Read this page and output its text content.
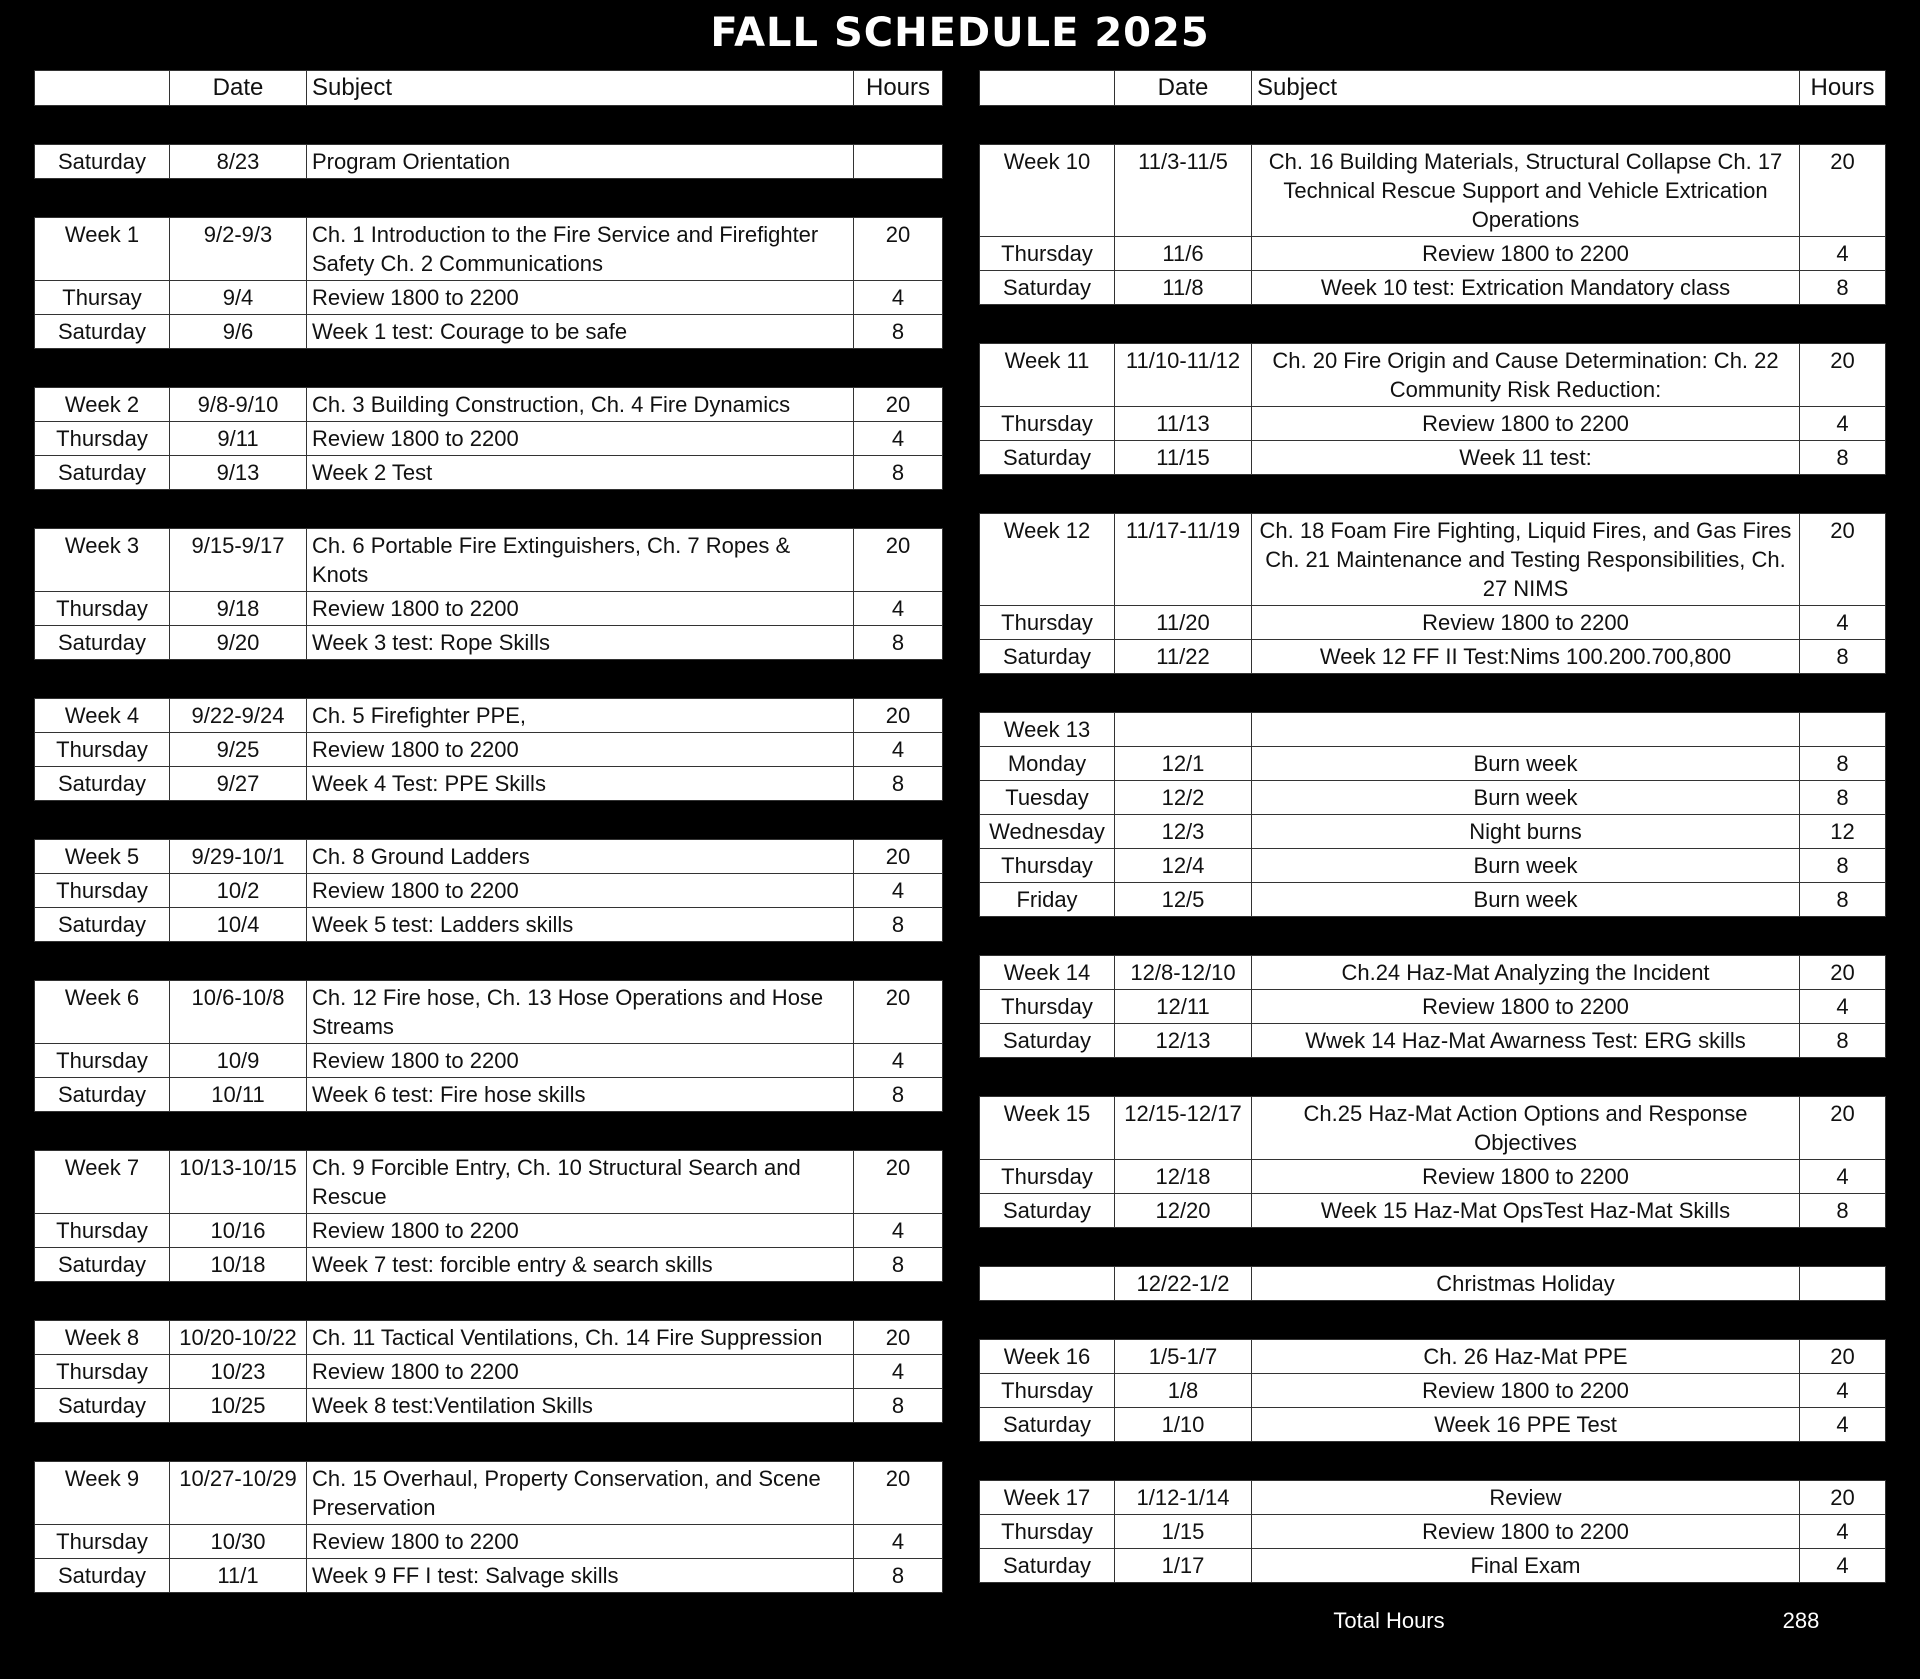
FALL SCHEDULE 2025
	Date	Subject	Hours
Saturday	8/23	Program Orientation	
Week 1	9/2-9/3	Ch. 1 Introduction to the Fire Service and Firefighter Safety Ch. 2 Communications	20
Thursay	9/4	Review 1800 to 2200	4
Saturday	9/6	Week 1 test: Courage to be safe	8
Week 2	9/8-9/10	Ch. 3 Building Construction, Ch. 4 Fire Dynamics	20
Thursday	9/11	Review 1800 to 2200	4
Saturday	9/13	Week 2 Test	8
Week 3	9/15-9/17	Ch. 6 Portable Fire Extinguishers, Ch. 7 Ropes & Knots	20
Thursday	9/18	Review 1800 to 2200	4
Saturday	9/20	Week 3 test: Rope Skills	8
Week 4	9/22-9/24	Ch. 5 Firefighter PPE,	20
Thursday	9/25	Review 1800 to 2200	4
Saturday	9/27	Week 4 Test: PPE Skills	8
Week 5	9/29-10/1	Ch. 8 Ground Ladders	20
Thursday	10/2	Review 1800 to 2200	4
Saturday	10/4	Week 5 test: Ladders skills	8
Week 6	10/6-10/8	Ch. 12 Fire hose, Ch. 13 Hose Operations and Hose Streams	20
Thursday	10/9	Review 1800 to 2200	4
Saturday	10/11	Week 6 test: Fire hose skills	8
Week 7	10/13-10/15	Ch. 9 Forcible Entry, Ch. 10 Structural Search and Rescue	20
Thursday	10/16	Review 1800 to 2200	4
Saturday	10/18	Week 7 test: forcible entry & search skills	8
Week 8	10/20-10/22	Ch. 11 Tactical Ventilations, Ch. 14 Fire Suppression	20
Thursday	10/23	Review 1800 to 2200	4
Saturday	10/25	Week 8 test:Ventilation Skills	8
Week 9	10/27-10/29	Ch. 15 Overhaul, Property Conservation, and Scene Preservation	20
Thursday	10/30	Review 1800 to 2200	4
Saturday	11/1	Week 9 FF I test: Salvage skills	8
	Date	Subject	Hours
Week 10	11/3-11/5	Ch. 16 Building Materials, Structural Collapse Ch. 17 Technical Rescue Support and Vehicle Extrication Operations	20
Thursday	11/6	Review 1800 to 2200	4
Saturday	11/8	Week 10 test: Extrication Mandatory class	8
Week 11	11/10-11/12	Ch. 20 Fire Origin and Cause Determination: Ch. 22 Community Risk Reduction:	20
Thursday	11/13	Review 1800 to 2200	4
Saturday	11/15	Week 11 test:	8
Week 12	11/17-11/19	Ch. 18 Foam Fire Fighting, Liquid Fires, and Gas Fires Ch. 21 Maintenance and Testing Responsibilities, Ch. 27 NIMS	20
Thursday	11/20	Review 1800 to 2200	4
Saturday	11/22	Week 12 FF II Test:Nims 100.200.700,800	8
Week 13			
Monday	12/1	Burn week	8
Tuesday	12/2	Burn week	8
Wednesday	12/3	Night burns	12
Thursday	12/4	Burn week	8
Friday	12/5	Burn week	8
Week 14	12/8-12/10	Ch.24 Haz-Mat Analyzing the Incident	20
Thursday	12/11	Review 1800 to 2200	4
Saturday	12/13	Wwek 14 Haz-Mat Awarness Test: ERG skills	8
Week 15	12/15-12/17	Ch.25 Haz-Mat Action Options and Response Objectives	20
Thursday	12/18	Review 1800 to 2200	4
Saturday	12/20	Week 15 Haz-Mat OpsTest Haz-Mat Skills	8
	12/22-1/2	Christmas Holiday	
Week 16	1/5-1/7	Ch. 26 Haz-Mat PPE	20
Thursday	1/8	Review 1800 to 2200	4
Saturday	1/10	Week 16 PPE Test	4
Week 17	1/12-1/14	Review	20
Thursday	1/15	Review 1800 to 2200	4
Saturday	1/17	Final Exam	4
Total Hours	288
